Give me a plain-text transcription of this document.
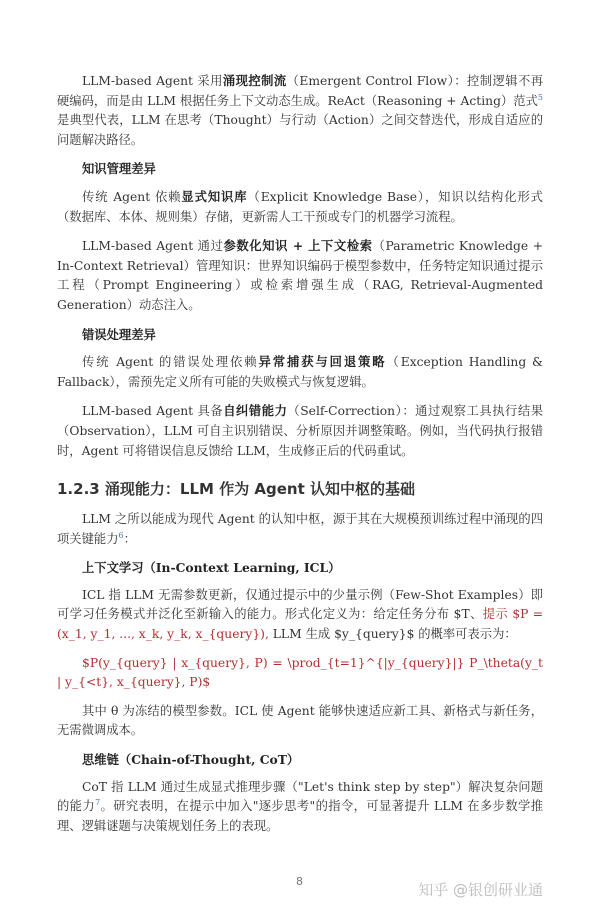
LLM-based Agent 采用涌现控制流（Emergent Control Flow）：控制逻辑不再硬编码，而是由 LLM 根据任务上下文动态生成。ReAct（Reasoning + Acting）范式$^5$ 是典型代表，LLM 在思考（Thought）与行动（Action）之间交替迭代，形成自适应的问题解决路径。
知识管理差异
传统 Agent 依赖显式知识库（Explicit Knowledge Base），知识以结构化形式（数据库、本体、规则集）存储，更新需人工干预或专门的机器学习流程。
LLM-based Agent 通过参数化知识 + 上下文检索（Parametric Knowledge + In-Context Retrieval）管理知识：世界知识编码于模型参数中，任务特定知识通过提示工程（Prompt Engineering）或检索增强生成（RAG, Retrieval-Augmented Generation）动态注入。
错误处理差异
传统 Agent 的错误处理依赖异常捕获与回退策略（Exception Handling & Fallback），需预先定义所有可能的失败模式与恢复逻辑。
LLM-based Agent 具备自纠错能力（Self-Correction）：通过观察工具执行结果（Observation），LLM 可自主识别错误、分析原因并调整策略。例如，当代码执行报错时，Agent 可将错误信息反馈给 LLM，生成修正后的代码重试。
1.2.3 涌现能力：LLM 作为 Agent 认知中枢的基础
LLM 之所以能成为现代 Agent 的认知中枢，源于其在大规模预训练过程中涌现的四项关键能力$^6$：
上下文学习（In-Context Learning, ICL）
ICL 指 LLM 无需参数更新，仅通过提示中的少量示例（Few-Shot Examples）即可学习任务模式并泛化至新输入的能力。形式化定义为：给定任务分布 $T、提示 $P = (x_1, y_1, ..., x_k, y_k, x_{query}), LLM 生成 $y_{query}$ 的概率可表示为：
$P(y_{query} | x_{query}, P) = \prod_{t=1}^{|y_{query}|} P_\theta(y_t | y_{<t}, x_{query}, P)$
其中 θ 为冻结的模型参数。ICL 使 Agent 能够快速适应新工具、新格式与新任务，无需微调成本。
思维链（Chain-of-Thought, CoT）
CoT 指 LLM 通过生成显式推理步骤（"Let's think step by step"）解决复杂问题的能力$^7$。研究表明，在提示中加入"逐步思考"的指令，可显著提升 LLM 在多步数学推理、逻辑谜题与决策规划任务上的表现。
8	知乎 @银创研业通
